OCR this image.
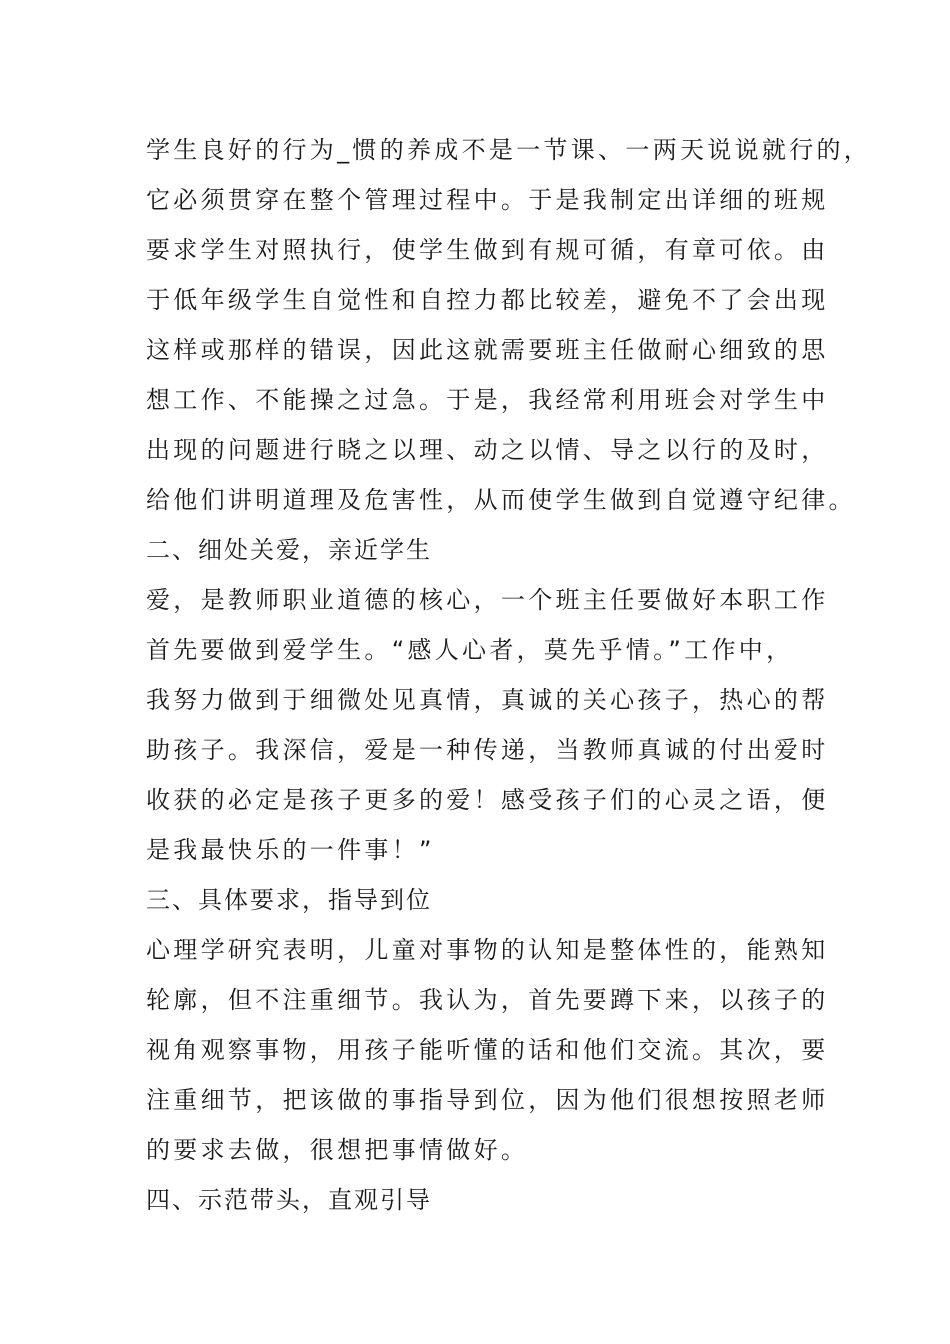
学生良好的行为_惯的养成不是一节课、一两天说说就行的，
它必须贯穿在整个管理过程中。于是我制定出详细的班规
要求学生对照执行，使学生做到有规可循，有章可依。由
于低年级学生自觉性和自控力都比较差，避免不了会出现
这样或那样的错误，因此这就需要班主任做耐心细致的思
想工作、不能操之过急。于是，我经常利用班会对学生中
出现的问题进行晓之以理、动之以情、导之以行的及时，
给他们讲明道理及危害性，从而使学生做到自觉遵守纪律。
二、细处关爱，亲近学生
爱，是教师职业道德的核心，一个班主任要做好本职工作
首先要做到爱学生。“感人心者，莫先乎情。”工作中，
我努力做到于细微处见真情，真诚的关心孩子，热心的帮
助孩子。我深信，爱是一种传递，当教师真诚的付出爱时
收获的必定是孩子更多的爱！感受孩子们的心灵之语，便
是我最快乐的一件事！”
三、具体要求，指导到位
心理学研究表明，儿童对事物的认知是整体性的，能熟知
轮廓，但不注重细节。我认为，首先要蹲下来，以孩子的
视角观察事物，用孩子能听懂的话和他们交流。其次，要
注重细节，把该做的事指导到位，因为他们很想按照老师
的要求去做，很想把事情做好。
四、示范带头，直观引导
